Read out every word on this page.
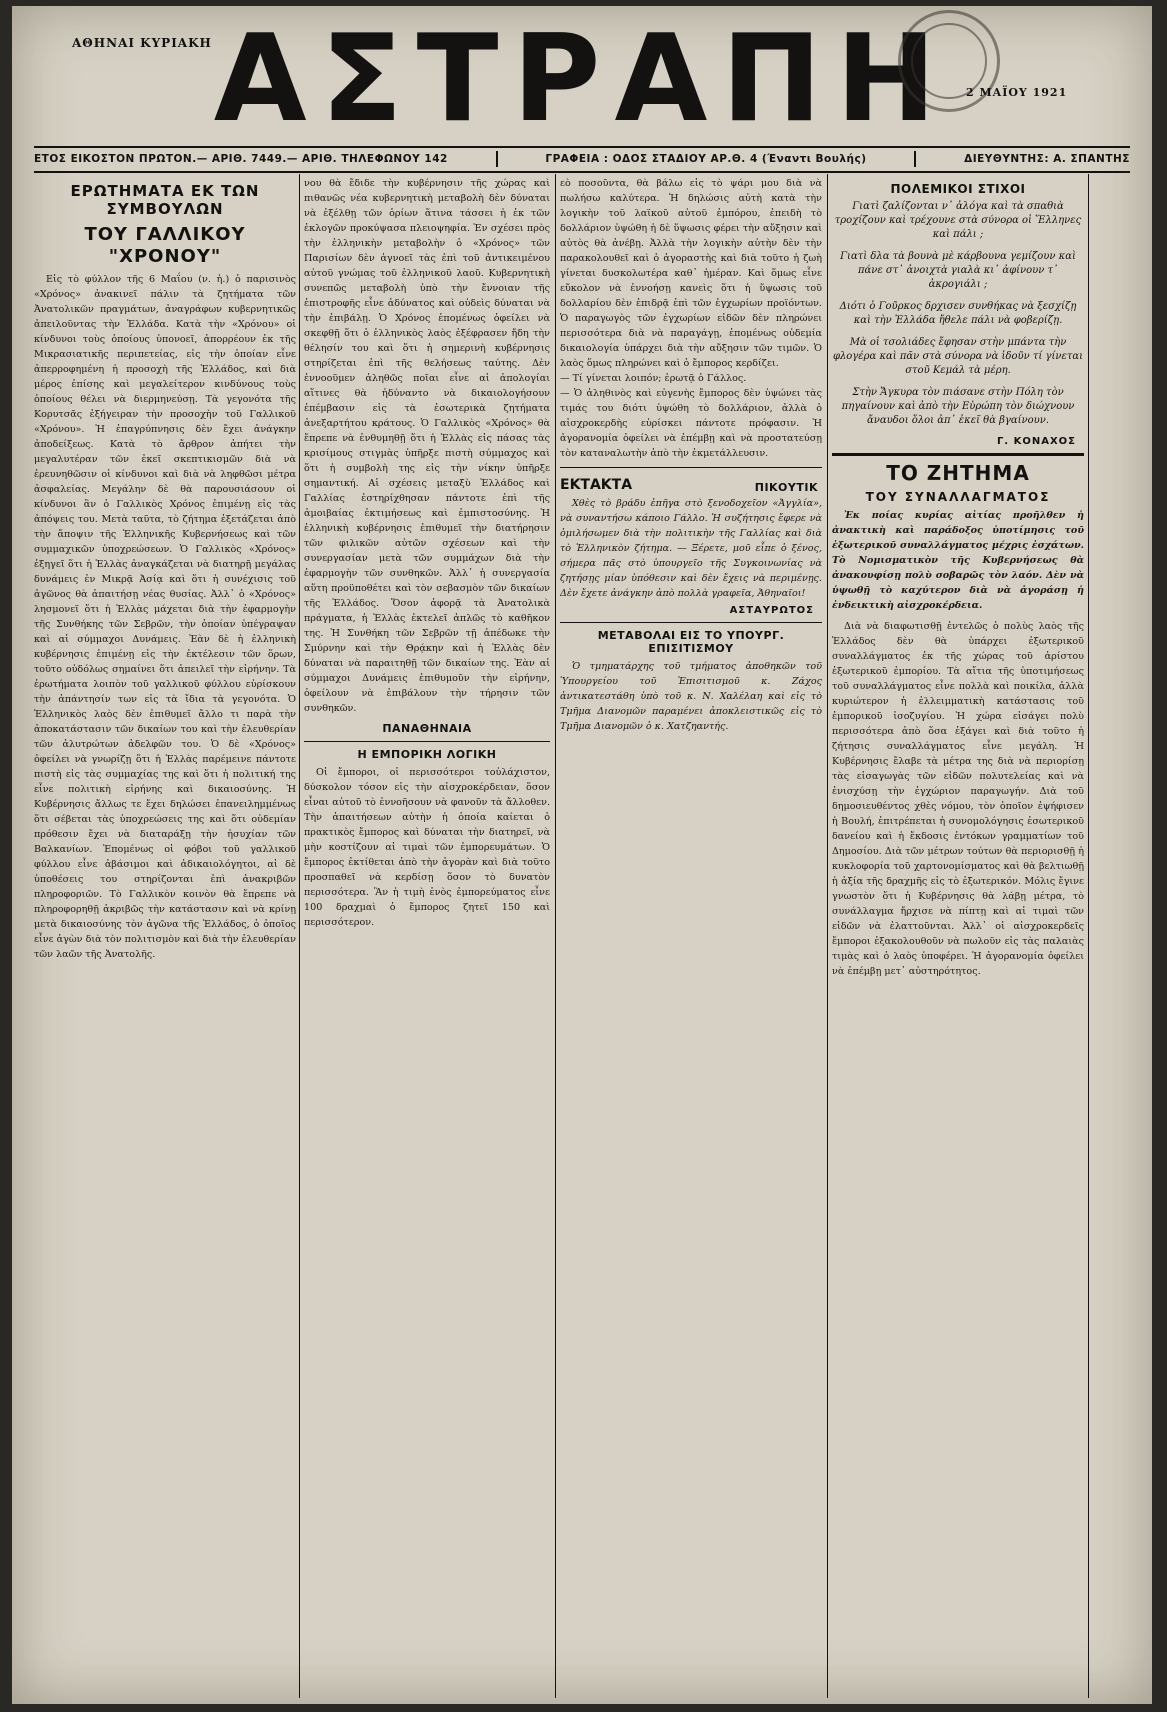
ΑΘΗΝΑΙ ΚΥΡΙΑΚΗ ΑΣΤΡΑΠΗ	2 ΜΑΪΟΥ 1921
ΕΤΟΣ ΕΙΚΟΣΤΟΝ ΠΡΩΤΟΝ.— ΑΡΙΘ. 7449.— ΑΡΙΘ. ΤΗΛΕΦΩΝΟΥ 142	ΓΡΑΦΕΙΑ : ΟΔΟΣ ΣΤΑΔΙΟΥ ΑΡ.Θ. 4 (Έναντι Βουλής)	ΔΙΕΥΘΥΝΤΗΣ: Α. ΣΠΑΝΤΗΣ
ΕΡΩΤΗΜΑΤΑ ΕΚ ΤΩΝ ΣΥΜΒΟΥΛΩΝ
ΤΟΥ ΓΑΛΛΙΚΟΥ "ΧΡΟΝΟΥ"
Εἰς τὸ φύλλον τῆς 6 Μαΐου (ν. ἡ.) ὁ παρισινὸς «Χρόνος» ἀνακινεῖ πάλιν τὰ ζητήματα τῶν Ἀνατολικῶν πραγμάτων, ἀναγράφων κυβερνητικῶς ἀπειλοῦντας τὴν Ἑλλάδα. Κατὰ τὴν «Χρόνου» οἱ κίνδυνοι τοὺς ὁποίους ὑπονοεῖ, ἀπορρέουν ἐκ τῆς Μικρασιατικῆς περιπετείας, εἰς τὴν ὁποίαν εἶνε ἀπερροφημένη ἡ προσοχὴ τῆς Ἑλλάδος, καὶ διὰ μέρος ἐπίσης καὶ μεγαλείτερον κινδύνους τοὺς ὁποίους θέλει νὰ διερμηνεύσῃ. Τὰ γεγονότα τῆς Κορυτσᾶς ἐξήγειραν τὴν προσοχὴν τοῦ Γαλλικοῦ «Χρόνου». Ἡ ἐπαγρύπνησις δὲν ἔχει ἀνάγκην ἀποδείξεως. Κατὰ τὸ ἄρθρον ἀπήτει τὴν μεγαλυτέραν τῶν ἐκεῖ σκεπτικισμῶν διὰ νὰ ἐρευνηθῶσιν οἱ κίνδυνοι καὶ διὰ νὰ ληφθῶσι μέτρα ἀσφαλείας. Μεγάλην δὲ θὰ παρουσιάσουν οἱ κίνδυνοι ἂν ὁ Γαλλικὸς Χρόνος ἐπιμένῃ εἰς τὰς ἀπόψεις του. Μετὰ ταῦτα, τὸ ζήτημα ἐξετάζεται ἀπὸ τὴν ἄποψιν τῆς Ἑλληνικῆς Κυβερνήσεως καὶ τῶν συμμαχικῶν ὑποχρεώσεων. Ὁ Γαλλικὸς «Χρόνος» ἐξηγεῖ ὅτι ἡ Ἑλλὰς ἀναγκάζεται νὰ διατηρῇ μεγάλας δυνάμεις ἐν Μικρᾷ Ἀσίᾳ καὶ ὅτι ἡ συνέχισις τοῦ ἀγῶνος θὰ ἀπαιτήσῃ νέας θυσίας. Ἀλλ᾽ ὁ «Χρόνος» λησμονεῖ ὅτι ἡ Ἑλλὰς μάχεται διὰ τὴν ἐφαρμογὴν τῆς Συνθήκης τῶν Σεβρῶν, τὴν ὁποίαν ὑπέγραψαν καὶ αἱ σύμμαχοι Δυνάμεις. Ἐὰν δὲ ἡ ἑλληνικὴ κυβέρνησις ἐπιμένῃ εἰς τὴν ἐκτέλεσιν τῶν ὅρων, τοῦτο οὐδόλως σημαίνει ὅτι ἀπειλεῖ τὴν εἰρήνην. Τὰ ἐρωτήματα λοιπὸν τοῦ γαλλικοῦ φύλλου εὑρίσκουν τὴν ἀπάντησίν των εἰς τὰ ἴδια τὰ γεγονότα. Ὁ Ἑλληνικὸς λαὸς δὲν ἐπιθυμεῖ ἄλλο τι παρὰ τὴν ἀποκατάστασιν τῶν δικαίων του καὶ τὴν ἐλευθερίαν τῶν ἀλυτρώτων ἀδελφῶν του. Ὁ δὲ «Χρόνος» ὀφείλει νὰ γνωρίζῃ ὅτι ἡ Ἑλλὰς παρέμεινε πάντοτε πιστὴ εἰς τὰς συμμαχίας της καὶ ὅτι ἡ πολιτική της εἶνε πολιτικὴ εἰρήνης καὶ δικαιοσύνης. Ἡ Κυβέρνησις ἄλλως τε ἔχει δηλώσει ἐπανειλημμένως ὅτι σέβεται τὰς ὑποχρεώσεις της καὶ ὅτι οὐδεμίαν πρόθεσιν ἔχει νὰ διαταράξῃ τὴν ἡσυχίαν τῶν Βαλκανίων. Ἐπομένως οἱ φόβοι τοῦ γαλλικοῦ φύλλου εἶνε ἀβάσιμοι καὶ ἀδικαιολόγητοι, αἱ δὲ ὑποθέσεις του στηρίζονται ἐπὶ ἀνακριβῶν πληροφοριῶν. Τὸ Γαλλικὸν κοινὸν θὰ ἔπρεπε νὰ πληροφορηθῇ ἀκριβῶς τὴν κατάστασιν καὶ νὰ κρίνῃ μετὰ δικαιοσύνης τὸν ἀγῶνα τῆς Ἑλλάδος, ὁ ὁποῖος εἶνε ἀγὼν διὰ τὸν πολιτισμὸν καὶ διὰ τὴν ἐλευθερίαν τῶν λαῶν τῆς Ἀνατολῆς.
νου θὰ ἔδιδε τὴν κυβέρνησιν τῆς χώρας καὶ πιθανῶς νέα κυβερνητικὴ μεταβολὴ δὲν δύναται νὰ ἐξέλθῃ τῶν ὁρίων ἅτινα τάσσει ἡ ἐκ τῶν ἐκλογῶν προκύψασα πλειοψηφία. Ἐν σχέσει πρὸς τὴν ἑλληνικὴν μεταβολὴν ὁ «Χρόνος» τῶν Παρισίων δὲν ἀγνοεῖ τὰς ἐπὶ τοῦ ἀντικειμένου αὐτοῦ γνώμας τοῦ ἑλληνικοῦ λαοῦ. Κυβερνητικὴ συνεπῶς μεταβολὴ ὑπὸ τὴν ἔννοιαν τῆς ἐπιστροφῆς εἶνε ἀδύνατος καὶ οὐδεὶς δύναται νὰ τὴν ἐπιβάλῃ. Ὁ Χρόνος ἐπομένως ὀφείλει νὰ σκεφθῇ ὅτι ὁ ἑλληνικὸς λαὸς ἐξέφρασεν ἤδη τὴν θέλησίν του καὶ ὅτι ἡ σημερινὴ κυβέρνησις στηρίζεται ἐπὶ τῆς θελήσεως ταύτης. Δὲν ἐννοοῦμεν ἀληθῶς ποῖαι εἶνε αἱ ἀπολογίαι αἵτινες θὰ ἠδύναντο νὰ δικαιολογήσουν ἐπέμβασιν εἰς τὰ ἐσωτερικὰ ζητήματα ἀνεξαρτήτου κράτους. Ὁ Γαλλικὸς «Χρόνος» θὰ ἔπρεπε νὰ ἐνθυμηθῇ ὅτι ἡ Ἑλλὰς εἰς πάσας τὰς κρισίμους στιγμὰς ὑπῆρξε πιστὴ σύμμαχος καὶ ὅτι ἡ συμβολὴ της εἰς τὴν νίκην ὑπῆρξε σημαντική. Αἱ σχέσεις μεταξὺ Ἑλλάδος καὶ Γαλλίας ἐστηρίχθησαν πάντοτε ἐπὶ τῆς ἀμοιβαίας ἐκτιμήσεως καὶ ἐμπιστοσύνης. Ἡ ἑλληνικὴ κυβέρνησις ἐπιθυμεῖ τὴν διατήρησιν τῶν φιλικῶν αὐτῶν σχέσεων καὶ τὴν συνεργασίαν μετὰ τῶν συμμάχων διὰ τὴν ἐφαρμογὴν τῶν συνθηκῶν. Ἀλλ᾽ ἡ συνεργασία αὕτη προϋποθέτει καὶ τὸν σεβασμὸν τῶν δικαίων τῆς Ἑλλάδος. Ὅσον ἀφορᾷ τὰ Ἀνατολικὰ πράγματα, ἡ Ἑλλὰς ἐκτελεῖ ἀπλῶς τὸ καθῆκον της. Ἡ Συνθήκη τῶν Σεβρῶν τῇ ἀπέδωκε τὴν Σμύρνην καὶ τὴν Θρᾴκην καὶ ἡ Ἑλλὰς δὲν δύναται νὰ παραιτηθῇ τῶν δικαίων της. Ἐὰν αἱ σύμμαχοι Δυνάμεις ἐπιθυμοῦν τὴν εἰρήνην, ὀφείλουν νὰ ἐπιβάλουν τὴν τήρησιν τῶν συνθηκῶν.
ΠΑΝΑΘΗΝΑΙΑ
Η ΕΜΠΟΡΙΚΗ ΛΟΓΙΚΗ
Οἱ ἔμποροι, οἱ περισσότεροι τοὐλάχιστον, δύσκολον τόσον εἰς τὴν αἰσχροκέρδειαν, ὅσον εἶναι αὐτοῦ τὸ ἐννοῆσουν νὰ φανοῦν τὰ ἄλλοθεν. Τὴν ἀπαιτήσεων αὐτὴν ἡ ὁποία καίεται ὁ πρακτικὸς ἔμπορος καὶ δύναται τὴν διατηρεῖ, νὰ μὴν κοστίζουν αἱ τιμαὶ τῶν ἐμπορευμάτων. Ὁ ἔμπορος ἐκτίθεται ἀπὸ τὴν ἀγορὰν καὶ διὰ τοῦτο προσπαθεῖ νὰ κερδίσῃ ὅσον τὸ δυνατὸν περισσότερα. Ἂν ἡ τιμὴ ἑνὸς ἐμπορεύματος εἶνε 100 δραχμαὶ ὁ ἔμπορος ζητεῖ 150 καὶ περισσότερον.
εὸ ποσοῦντα, θὰ βάλω εἰς τὸ ψάρι μου διὰ νὰ πωλήσω καλύτερα. Ἡ δηλώσις αὐτὴ κατὰ τὴν λογικὴν τοῦ λαϊκοῦ αὐτοῦ ἐμπόρου, ἐπειδὴ τὸ δολλάριον ὑψώθη ἡ δὲ ὕψωσις φέρει τὴν αὔξησιν καὶ αὐτὸς θὰ ἀνέβῃ. Ἀλλὰ τὴν λογικὴν αὐτὴν δὲν τὴν παρακολουθεῖ καὶ ὁ ἀγοραστὴς καὶ διὰ τοῦτο ἡ ζωὴ γίνεται δυσκολωτέρα καθ᾽ ἡμέραν. Καὶ ὅμως εἶνε εὔκολον νὰ ἐννοήσῃ κανεὶς ὅτι ἡ ὕψωσις τοῦ δολλαρίου δὲν ἐπιδρᾷ ἐπὶ τῶν ἐγχωρίων προϊόντων. Ὁ παραγωγὸς τῶν ἐγχωρίων εἰδῶν δὲν πληρώνει περισσότερα διὰ νὰ παραγάγῃ, ἐπομένως οὐδεμία δικαιολογία ὑπάρχει διὰ τὴν αὔξησιν τῶν τιμῶν. Ὁ λαὸς ὅμως πληρώνει καὶ ὁ ἔμπορος κερδίζει.
— Τί γίνεται λοιπόν; ἐρωτᾷ ὁ Γάλλος.
— Ὁ ἀληθινὸς καὶ εὐγενὴς ἔμπορος δὲν ὑψώνει τὰς τιμάς του διότι ὑψώθη τὸ δολλάριον, ἀλλὰ ὁ αἰσχροκερδὴς εὑρίσκει πάντοτε πρόφασιν. Ἡ ἀγορανομία ὀφείλει νὰ ἐπέμβῃ καὶ νὰ προστατεύσῃ τὸν καταναλωτὴν ἀπὸ τὴν ἐκμετάλλευσιν.
ΕΚΤΑΚΤΑ	ΠΙΚΟΥΤΙΚ
Χθὲς τὸ βράδυ ἐπῆγα στὸ ξενοδοχεῖον «Ἀγγλία», νὰ συναντήσω κάποιο Γάλλο. Ἡ συζήτησις ἔφερε νὰ ὁμιλήσωμεν διὰ τὴν πολιτικὴν τῆς Γαλλίας καὶ διὰ τὸ Ἑλληνικὸν ζήτημα. — Ξέρετε, μοῦ εἶπε ὁ ξένος, σήμερα πᾶς στὸ ὑπουργεῖο τῆς Συγκοινωνίας νὰ ζητήσῃς μίαν ὑπόθεσιν καὶ δὲν ἔχεις νὰ περιμένῃς. Δὲν ἔχετε ἀνάγκην ἀπὸ πολλὰ γραφεῖα, Ἀθηναῖοι!
ΑΣΤΑΥΡΩΤΟΣ
ΜΕΤΑΒΟΛΑΙ ΕΙΣ ΤΟ ΥΠΟΥΡΓ. ΕΠΙΣΙΤΙΣΜΟΥ
Ὁ τμηματάρχης τοῦ τμήματος ἀποθηκῶν τοῦ Ὑπουργείου τοῦ Ἐπισιτισμοῦ κ. Ζάχος ἀντικατεστάθη ὑπὸ τοῦ κ. Ν. Χαλέλαη καὶ εἰς τὸ Τμῆμα Διανομῶν παραμένει ἀποκλειστικῶς εἰς τὸ Τμῆμα Διανομῶν ὁ κ. Χατζηαντής.
ΠΟΛΕΜΙΚΟΙ ΣΤΙΧΟΙ

Γιατὶ ζαλίζονται ν᾽ ἀλόγα καὶ τὰ σπαθιὰ τροχίζουν καὶ τρέχουνε στὰ σύνορα οἱ Ἕλληνες καὶ πάλι ;

Γιατὶ δλα τὰ βουνὰ μὲ κάρβουνα γεμίζουν καὶ πάνε στ᾽ ἀνοιχτὰ γιαλὰ κι᾽ ἀφίνουν τ᾽ ἀκρογιάλι ;

Διότι ὁ Γοῦρκος δρχισεν συνθήκας νὰ ξεσχίζῃ καὶ τὴν Ἑλλάδα ἤθελε πάλι νὰ φοβερίζῃ.

Μὰ οἱ τσολιάδες ἔφησαν στὴν μπάντα τὴν φλογέρα καὶ πᾶν στὰ σύνορα νὰ ἰδοῦν τί γίνεται στοῦ Κεμάλ τὰ μέρη.

Στὴν Ἄγκυρα τὸν πιάσανε στὴν Πόλη τὸν πηγαίνουν καὶ ἀπὸ τὴν Εὐρώπη τὸν διώχνουν ἄναυδοι ὅλοι ἀπ᾽ ἐκεῖ θὰ βγαίνουν.

Γ. ΚΟΝΑΧΟΣ
ΤΟ ΖΗΤΗΜΑ
ΤΟΥ ΣΥΝΑΛΛΑΓΜΑΤΟΣ
Ἐκ ποίας κυρίας αἰτίας προῆλθεν ἡ ἀνακτικὴ καὶ παράδοξος ὑποτίμησις τοῦ ἐξωτερικοῦ συναλλάγματος μέχρις ἐσχάτων. Τὸ Νομισματικὸν τῆς Κυβερνήσεως θὰ ἀνακουφίσῃ πολὺ σοβαρῶς τὸν λαόν. Δὲν νὰ ὑψωθῇ τὸ καχύτερον διὰ νὰ ἀγοράσῃ ἡ ἐνδεικτικὴ αἰσχροκέρδεια.
Διὰ νὰ διαφωτισθῇ ἐντελῶς ὁ πολὺς λαὸς τῆς Ἑλλάδος δὲν θὰ ὑπάρχει ἐξωτερικοῦ συναλλάγματος ἐκ τῆς χώρας τοῦ ἀρίστου ἐξωτερικοῦ ἐμπορίου. Τὰ αἴτια τῆς ὑποτιμήσεως τοῦ συναλλάγματος εἶνε πολλὰ καὶ ποικίλα, ἀλλὰ κυριώτερον ἡ ἐλλειμματικὴ κατάστασις τοῦ ἐμπορικοῦ ἰσοζυγίου. Ἡ χώρα εἰσάγει πολὺ περισσότερα ἀπὸ ὅσα ἐξάγει καὶ διὰ τοῦτο ἡ ζήτησις συναλλάγματος εἶνε μεγάλη. Ἡ Κυβέρνησις ἔλαβε τὰ μέτρα της διὰ νὰ περιορίσῃ τὰς εἰσαγωγὰς τῶν εἰδῶν πολυτελείας καὶ νὰ ἐνισχύσῃ τὴν ἐγχώριον παραγωγήν. Διὰ τοῦ δημοσιευθέντος χθὲς νόμου, τὸν ὁποῖον ἐψήφισεν ἡ Βουλή, ἐπιτρέπεται ἡ συνομολόγησις ἐσωτερικοῦ δανείου καὶ ἡ ἔκδοσις ἐντόκων γραμματίων τοῦ Δημοσίου. Διὰ τῶν μέτρων τούτων θὰ περιορισθῇ ἡ κυκλοφορία τοῦ χαρτονομίσματος καὶ θὰ βελτιωθῇ ἡ ἀξία τῆς δραχμῆς εἰς τὸ ἐξωτερικόν. Μόλις ἔγινε γνωστὸν ὅτι ἡ Κυβέρνησις θὰ λάβῃ μέτρα, τὸ συνάλλαγμα ἤρχισε νὰ πίπτῃ καὶ αἱ τιμαὶ τῶν εἰδῶν νὰ ἐλαττοῦνται. Ἀλλ᾽ οἱ αἰσχροκερδεῖς ἔμποροι ἐξακολουθοῦν νὰ πωλοῦν εἰς τὰς παλαιὰς τιμὰς καὶ ὁ λαὸς ὑποφέρει. Ἡ ἀγορανομία ὀφείλει νὰ ἐπέμβῃ μετ᾽ αὐστηρότητος.
